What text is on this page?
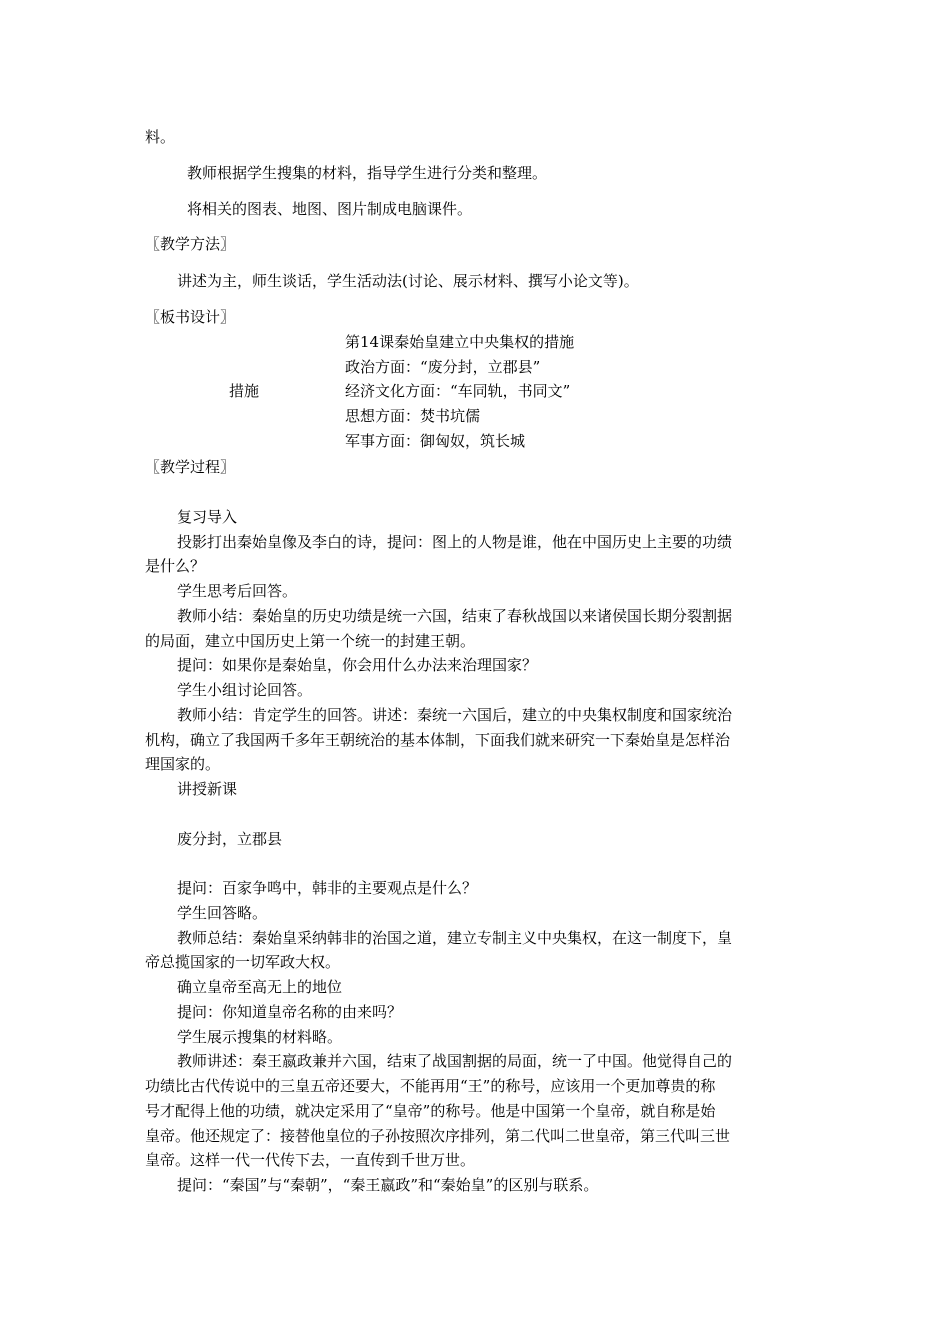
料。
教师根据学生搜集的材料，指导学生进行分类和整理。
将相关的图表、地图、图片制成电脑课件。
〖教学方法〗
讲述为主，师生谈话，学生活动法(讨论、展示材料、撰写小论文等)。
〖板书设计〗
第14课秦始皇建立中央集权的措施
政治方面：“废分封，立郡县”
措施	经济文化方面：“车同轨，书同文”
思想方面：焚书坑儒
军事方面：御匈奴，筑长城
〖教学过程〗
复习导入
投影打出秦始皇像及李白的诗，提问：图上的人物是谁，他在中国历史上主要的功绩
是什么？
学生思考后回答。
教师小结：秦始皇的历史功绩是统一六国，结束了春秋战国以来诸侯国长期分裂割据
的局面，建立中国历史上第一个统一的封建王朝。
提问：如果你是秦始皇，你会用什么办法来治理国家？
学生小组讨论回答。
教师小结：肯定学生的回答。讲述：秦统一六国后，建立的中央集权制度和国家统治
机构，确立了我国两千多年王朝统治的基本体制，下面我们就来研究一下秦始皇是怎样治
理国家的。
讲授新课
废分封，立郡县
提问：百家争鸣中，韩非的主要观点是什么？
学生回答略。
教师总结：秦始皇采纳韩非的治国之道，建立专制主义中央集权，在这一制度下，皇
帝总揽国家的一切军政大权。
确立皇帝至高无上的地位
提问：你知道皇帝名称的由来吗？
学生展示搜集的材料略。
教师讲述：秦王嬴政兼并六国，结束了战国割据的局面，统一了中国。他觉得自己的
功绩比古代传说中的三皇五帝还要大，不能再用“王”的称号，应该用一个更加尊贵的称
号才配得上他的功绩，就决定采用了“皇帝”的称号。他是中国第一个皇帝，就自称是始
皇帝。他还规定了：接替他皇位的子孙按照次序排列，第二代叫二世皇帝，第三代叫三世
皇帝。这样一代一代传下去，一直传到千世万世。
提问：“秦国”与“秦朝”，“秦王嬴政”和“秦始皇”的区别与联系。
